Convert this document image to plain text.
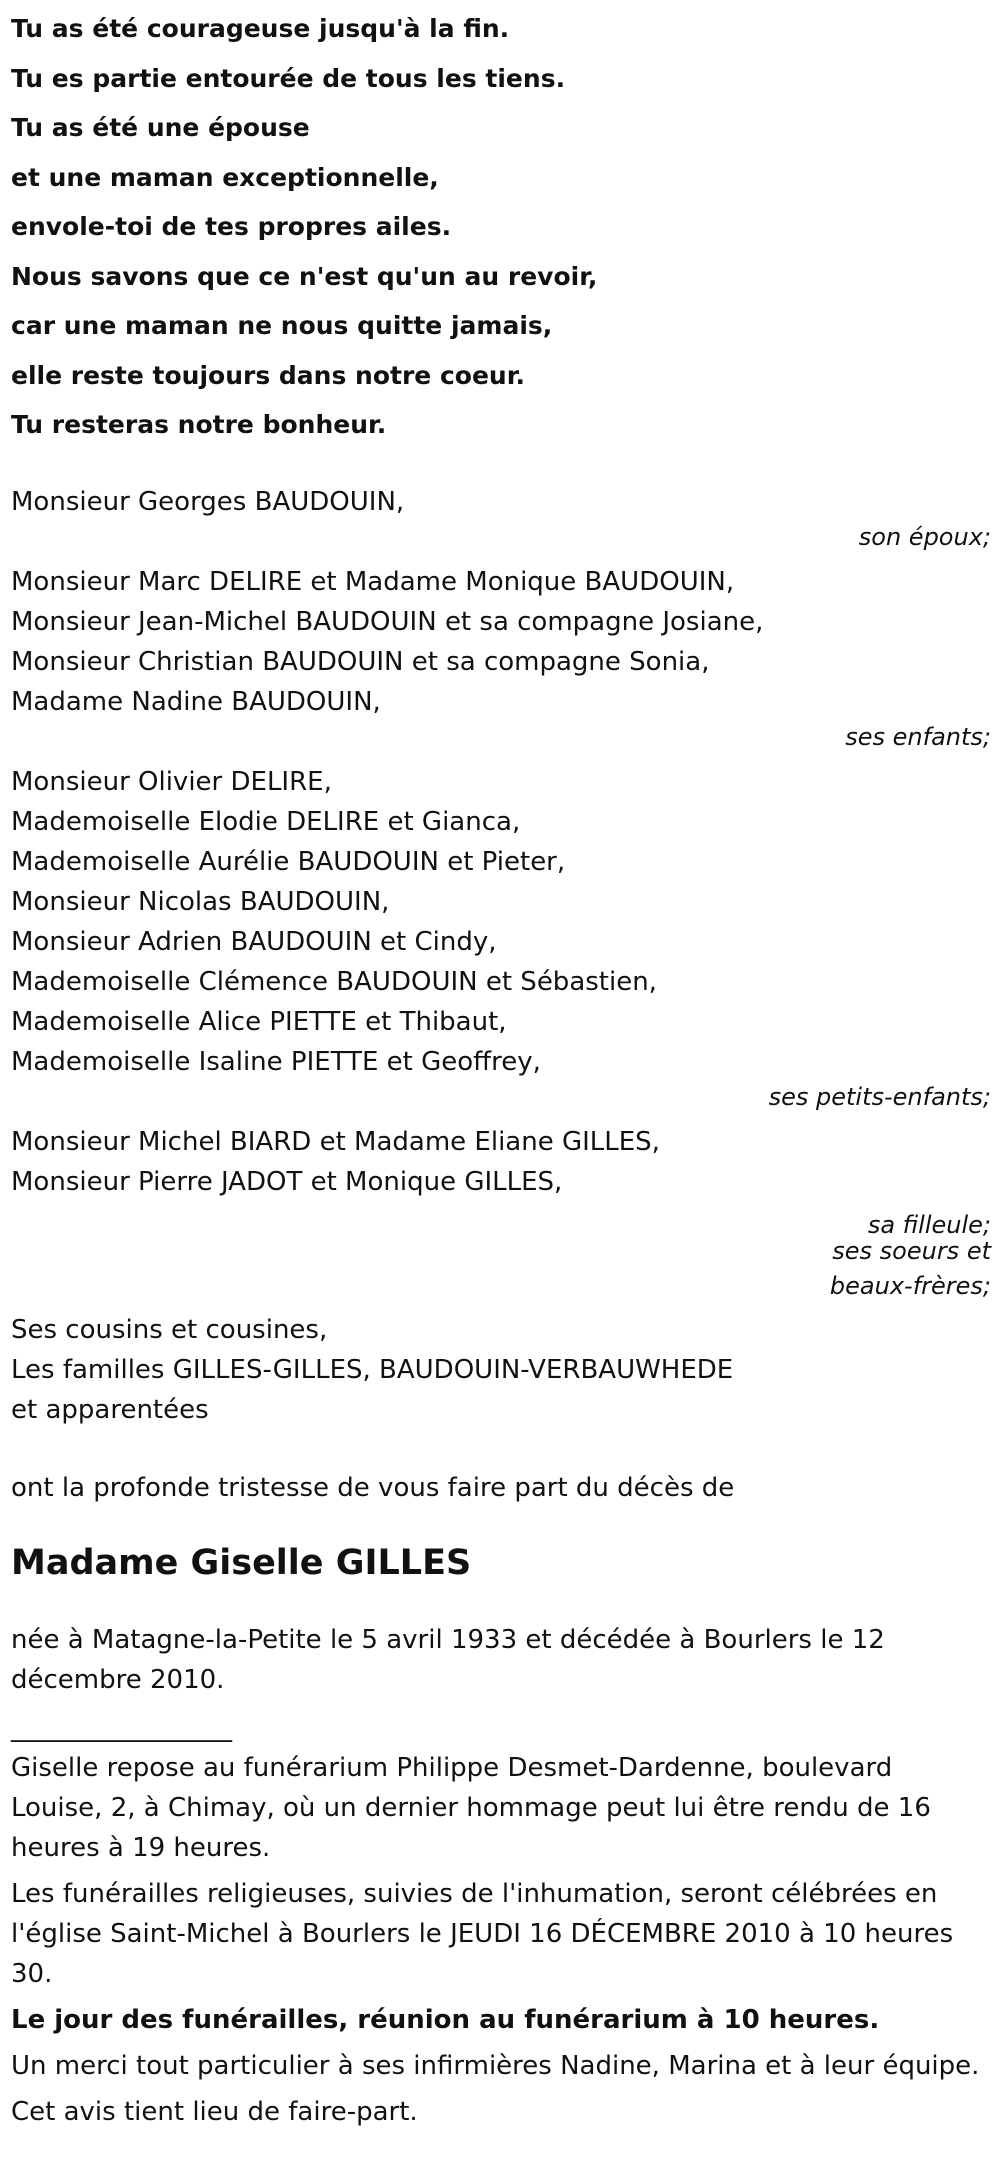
Tu as été courageuse jusqu'à la fin.
Tu es partie entourée de tous les tiens.
Tu as été une épouse
et une maman exceptionnelle,
envole-toi de tes propres ailes.
Nous savons que ce n'est qu'un au revoir,
car une maman ne nous quitte jamais,
elle reste toujours dans notre coeur.
Tu resteras notre bonheur.
Monsieur Georges BAUDOUIN,
son époux;
Monsieur Marc DELIRE et Madame Monique BAUDOUIN,
Monsieur Jean-Michel BAUDOUIN et sa compagne Josiane,
Monsieur Christian BAUDOUIN et sa compagne Sonia,
Madame Nadine BAUDOUIN,
ses enfants;
Monsieur Olivier DELIRE,
Mademoiselle Elodie DELIRE et Gianca,
Mademoiselle Aurélie BAUDOUIN et Pieter,
Monsieur Nicolas BAUDOUIN,
Monsieur Adrien BAUDOUIN et Cindy,
Mademoiselle Clémence BAUDOUIN et Sébastien,
Mademoiselle Alice PIETTE et Thibaut,
Mademoiselle Isaline PIETTE et Geoffrey,
ses petits-enfants;
Monsieur Michel BIARD et Madame Eliane GILLES,
Monsieur Pierre JADOT et Monique GILLES,
sa filleule;
ses soeurs et
beaux-frères;
Ses cousins et cousines,
Les familles GILLES-GILLES, BAUDOUIN-VERBAUWHEDE
et apparentées
ont la profonde tristesse de vous faire part du décès de
Madame Giselle GILLES
née à Matagne-la-Petite le 5 avril 1933 et décédée à Bourlers le 12 décembre 2010.
_________________
Giselle repose au funérarium Philippe Desmet-Dardenne, boulevard Louise, 2, à Chimay, où un dernier hommage peut lui être rendu de 16 heures à 19 heures.
Les funérailles religieuses, suivies de l'inhumation, seront célébrées en l'église Saint-Michel à Bourlers le JEUDI 16 DÉCEMBRE 2010 à 10 heures 30.
Le jour des funérailles, réunion au funérarium à 10 heures.
Un merci tout particulier à ses infirmières Nadine, Marina et à leur équipe.
Cet avis tient lieu de faire-part.
